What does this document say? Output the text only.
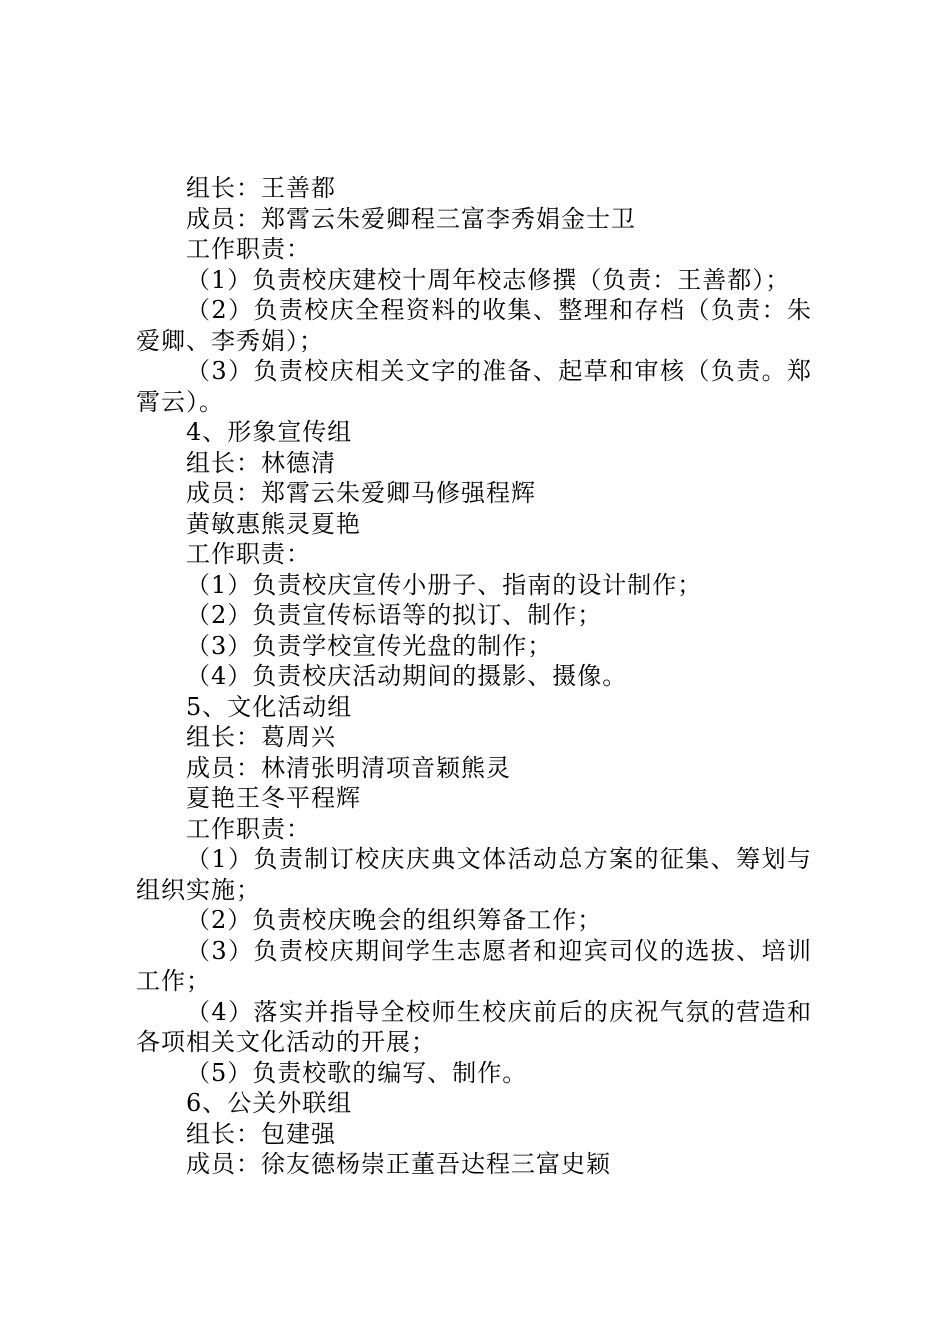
组长：王善都

成员：郑霄云朱爱卿程三富李秀娟金士卫

工作职责：

（1）负责校庆建校十周年校志修撰（负责：王善都）；

（2）负责校庆全程资料的收集、整理和存档（负责：朱爱卿、李秀娟）；

（3）负责校庆相关文字的准备、起草和审核（负责。郑霄云）。

4、形象宣传组

组长：林德清

成员：郑霄云朱爱卿马修强程辉

黄敏惠熊灵夏艳

工作职责：

（1）负责校庆宣传小册子、指南的设计制作；

（2）负责宣传标语等的拟订、制作；

（3）负责学校宣传光盘的制作；

（4）负责校庆活动期间的摄影、摄像。

5、文化活动组

组长：葛周兴

成员：林清张明清项音颖熊灵

夏艳王冬平程辉

工作职责：

（1）负责制订校庆庆典文体活动总方案的征集、筹划与组织实施；

（2）负责校庆晚会的组织筹备工作；

（3）负责校庆期间学生志愿者和迎宾司仪的选拔、培训工作；

（4）落实并指导全校师生校庆前后的庆祝气氛的营造和各项相关文化活动的开展；

（5）负责校歌的编写、制作。

6、公关外联组

组长：包建强

成员：徐友德杨崇正董吾达程三富史颖
